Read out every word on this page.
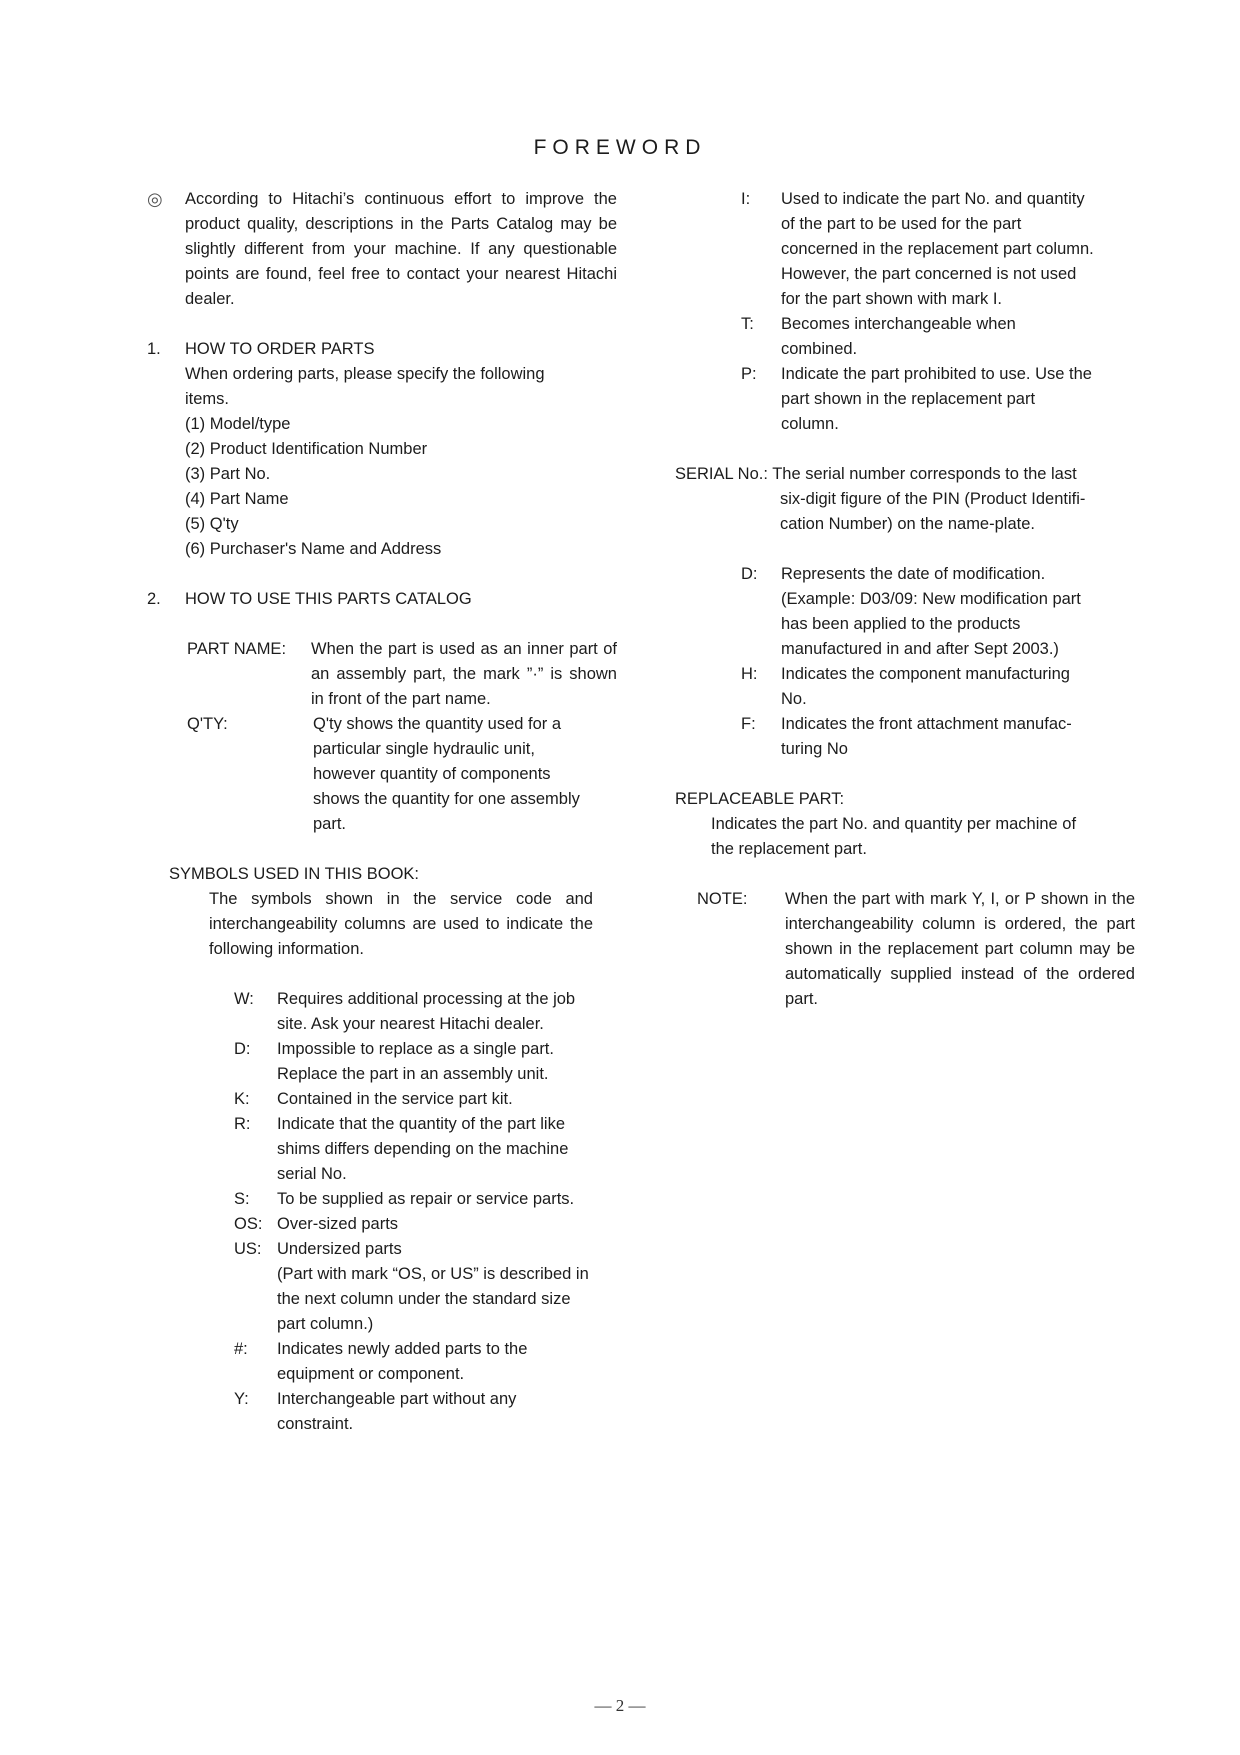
FOREWORD
◎	According to Hitachi’s continuous effort to improve the product quality, descriptions in the Parts Catalog may be slightly different from your machine. If any questionable points are found, feel free to contact your nearest Hitachi dealer.
1.	HOW TO ORDER PARTS
When ordering parts, please specify the following
items.
(1) Model/type
(2) Product Identification Number
(3) Part No.
(4) Part Name
(5) Q'ty
(6) Purchaser's Name and Address
2.	HOW TO USE THIS PARTS CATALOG
PART NAME:	When the part is used as an inner part of an assembly part, the mark ”·” is shown in front of the part name.
Q'TY:	Q'ty shows the quantity used for a
particular single hydraulic unit,
however quantity of components
shows the quantity for one assembly
part.
SYMBOLS USED IN THIS BOOK:
The symbols shown in the service code and interchangeability columns are used to indicate the following information.
W:	Requires additional processing at the job
site. Ask your nearest Hitachi dealer.
D:	Impossible to replace as a single part.
Replace the part in an assembly unit.
K:	Contained in the service part kit.
R:	Indicate that the quantity of the part like
shims differs depending on the machine
serial No.
S:	To be supplied as repair or service parts.
OS: Over-sized parts
US: Undersized parts
(Part with mark “OS, or US” is described in
the next column under the standard size
part column.)
#:	Indicates newly added parts to the
equipment or component.
Y:	Interchangeable part without any
constraint.
I:	Used to indicate the part No. and quantity
of the part to be used for the part
concerned in the replacement part column.
However, the part concerned is not used
for the part shown with mark I.
T:	Becomes interchangeable when
combined.
P:	Indicate the part prohibited to use. Use the
part shown in the replacement part
column.
SERIAL No.: The serial number corresponds to the last
six-digit figure of the PIN (Product Identifi-
cation Number) on the name-plate.
D:	Represents the date of modification.
(Example: D03/09: New modification part
has been applied to the products
manufactured in and after Sept 2003.)
H:	Indicates the component manufacturing
No.
F:	Indicates the front attachment manufac-
turing No
REPLACEABLE PART:
Indicates the part No. and quantity per machine of
the replacement part.
NOTE:	When the part with mark Y, I, or P shown in the interchangeability column is ordered, the part shown in the replacement part column may be automatically supplied instead of the ordered part.
— 2 —
